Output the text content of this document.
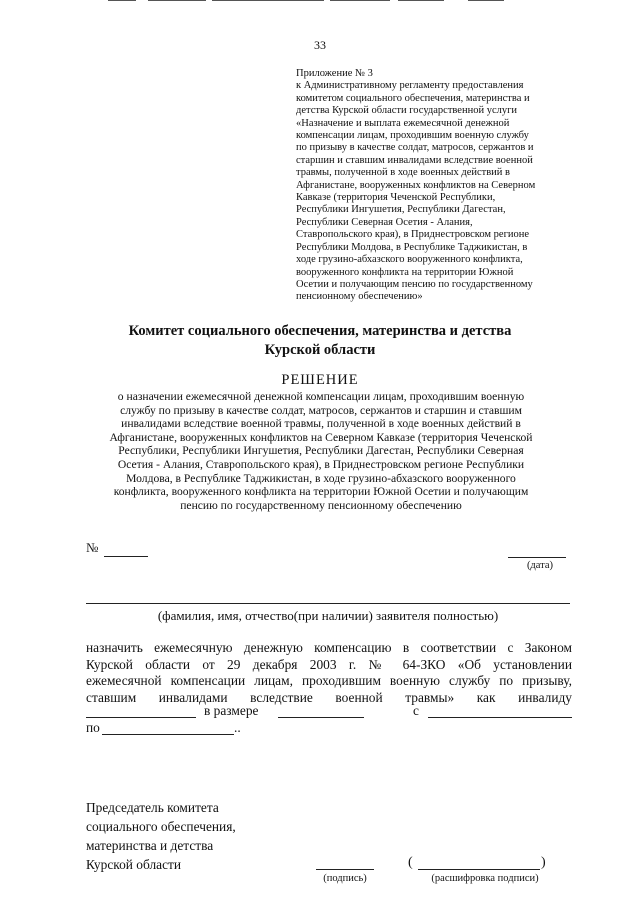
33
Приложение № 3
к Административному регламенту предоставления
комитетом социального обеспечения, материнства и
детства Курской области государственной услуги
«Назначение и выплата ежемесячной денежной
компенсации лицам, проходившим военную службу
по призыву в качестве солдат, матросов, сержантов и
старшин и ставшим инвалидами вследствие военной
травмы, полученной в ходе военных действий в
Афганистане, вооруженных конфликтов на Северном
Кавказе (территория Чеченской Республики,
Республики Ингушетия, Республики Дагестан,
Республики Северная Осетия - Алания,
Ставропольского края), в Приднестровском регионе
Республики Молдова, в Республике Таджикистан, в
ходе грузино-абхазского вооруженного конфликта,
вооруженного конфликта на территории Южной
Осетии и получающим пенсию по государственному
пенсионному обеспечению»
Комитет социального обеспечения, материнства и детства
Курской области
РЕШЕНИЕ
о назначении ежемесячной денежной компенсации лицам, проходившим военную
службу по призыву в качестве солдат, матросов, сержантов и старшин и ставшим
инвалидами вследствие военной травмы, полученной в ходе военных действий в
Афганистане, вооруженных конфликтов на Северном Кавказе (территория Чеченской
Республики, Республики Ингушетия, Республики Дагестан, Республики Северная
Осетия - Алания, Ставропольского края), в Приднестровском регионе Республики
Молдова, в Республике Таджикистан, в ходе грузино-абхазского вооруженного
конфликта, вооруженного конфликта на территории Южной Осетии и получающим
пенсию по государственному пенсионному обеспечению
№
(дата)
(фамилия, имя, отчество(при наличии) заявителя полностью)
назначить ежемесячную денежную компенсацию в соответствии с Законом
Курской области от 29 декабря 2003 г. № 64-ЗКО «Об установлении
ежемесячной компенсации лицам, проходившим военную службу по призыву,
ставшим инвалидами вследствие военной травмы» как инвалиду
в размере	с
по	..
Председатель комитета
социального обеспечения,
материнства и детства
Курской области
(подпись)
(	)
(расшифровка подписи)
